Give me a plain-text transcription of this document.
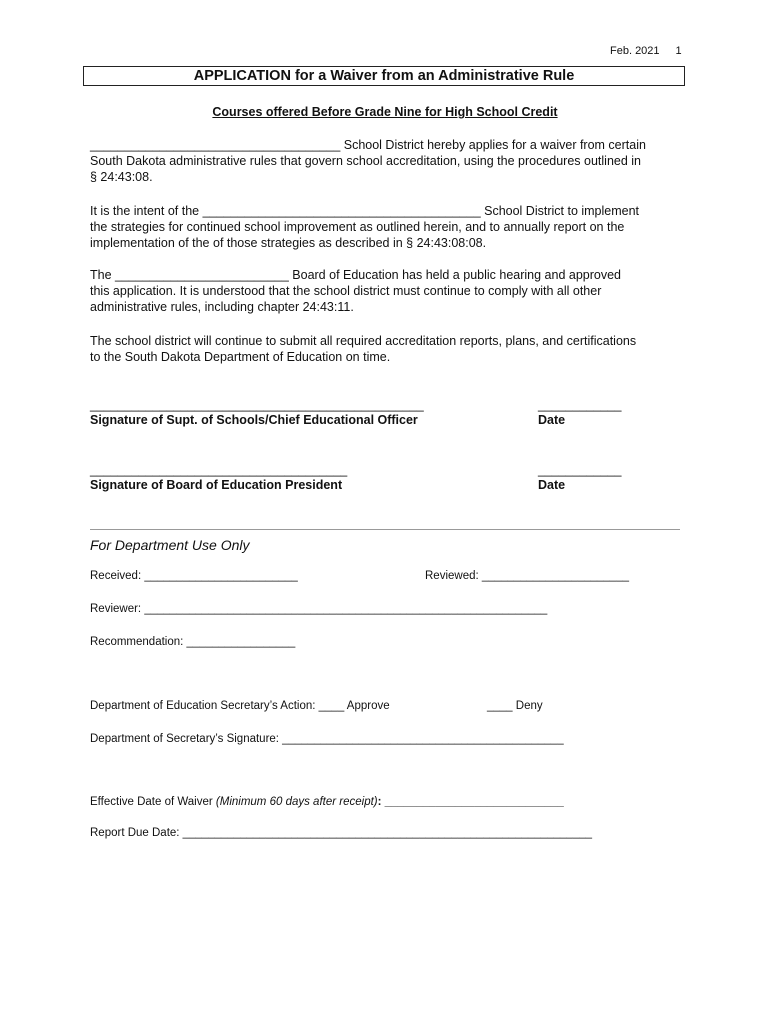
Feb. 2021 1
APPLICATION for a Waiver from an Administrative Rule
Courses offered Before Grade Nine for High School Credit
____________________________________ School District hereby applies for a waiver from certain
South Dakota administrative rules that govern school accreditation, using the procedures outlined in
§ 24:43:08.
It is the intent of the ________________________________________ School District to implement
the strategies for continued school improvement as outlined herein, and to annually report on the
implementation of the of those strategies as described in § 24:43:08:08.
The _________________________ Board of Education has held a public hearing and approved
this application. It is understood that the school district must continue to comply with all other
administrative rules, including chapter 24:43:11.
The school district will continue to submit all required accreditation reports, plans, and certifications
to the South Dakota Department of Education on time.
________________________________________________
Signature of Supt. of Schools/Chief Educational Officer
____________
Date
_____________________________________
Signature of Board of Education President
____________
Date
For Department Use Only
Received: ________________________	Reviewed: _______________________
Reviewer: _______________________________________________________________
Recommendation: _________________
Department of Education Secretary’s Action: ____ Approve	____ Deny
Department of Secretary’s Signature: ____________________________________________
Effective Date of Waiver (Minimum 60 days after receipt): ____________________________
Report Due Date: ________________________________________________________________
